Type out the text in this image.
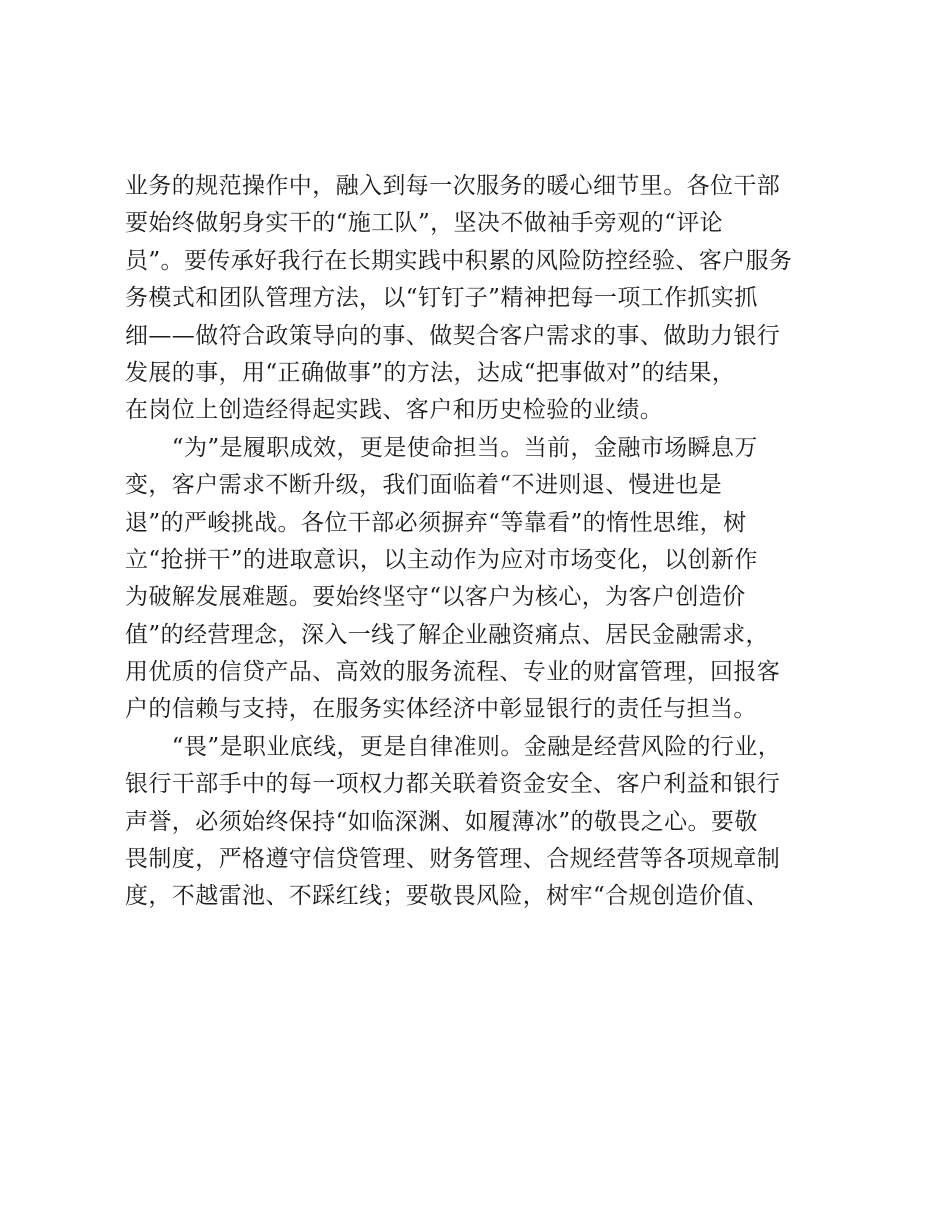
业务的规范操作中，融入到每一次服务的暖心细节里。各位干部
要始终做躬身实干的“施工队”，坚决不做袖手旁观的“评论
员”。要传承好我行在长期实践中积累的风险防控经验、客户服务
务模式和团队管理方法，以“钉钉子”精神把每一项工作抓实抓
细——做符合政策导向的事、做契合客户需求的事、做助力银行
发展的事，用“正确做事”的方法，达成“把事做对”的结果，
在岗位上创造经得起实践、客户和历史检验的业绩。
　　“为”是履职成效，更是使命担当。当前，金融市场瞬息万
变，客户需求不断升级，我们面临着“不进则退、慢进也是
退”的严峻挑战。各位干部必须摒弃“等靠看”的惰性思维，树
立“抢拼干”的进取意识，以主动作为应对市场变化，以创新作
为破解发展难题。要始终坚守“以客户为核心，为客户创造价
值”的经营理念，深入一线了解企业融资痛点、居民金融需求，
用优质的信贷产品、高效的服务流程、专业的财富管理，回报客
户的信赖与支持，在服务实体经济中彰显银行的责任与担当。
　　“畏”是职业底线，更是自律准则。金融是经营风险的行业，
银行干部手中的每一项权力都关联着资金安全、客户利益和银行
声誉，必须始终保持“如临深渊、如履薄冰”的敬畏之心。要敬
畏制度，严格遵守信贷管理、财务管理、合规经营等各项规章制
度，不越雷池、不踩红线；要敬畏风险，树牢“合规创造价值、
